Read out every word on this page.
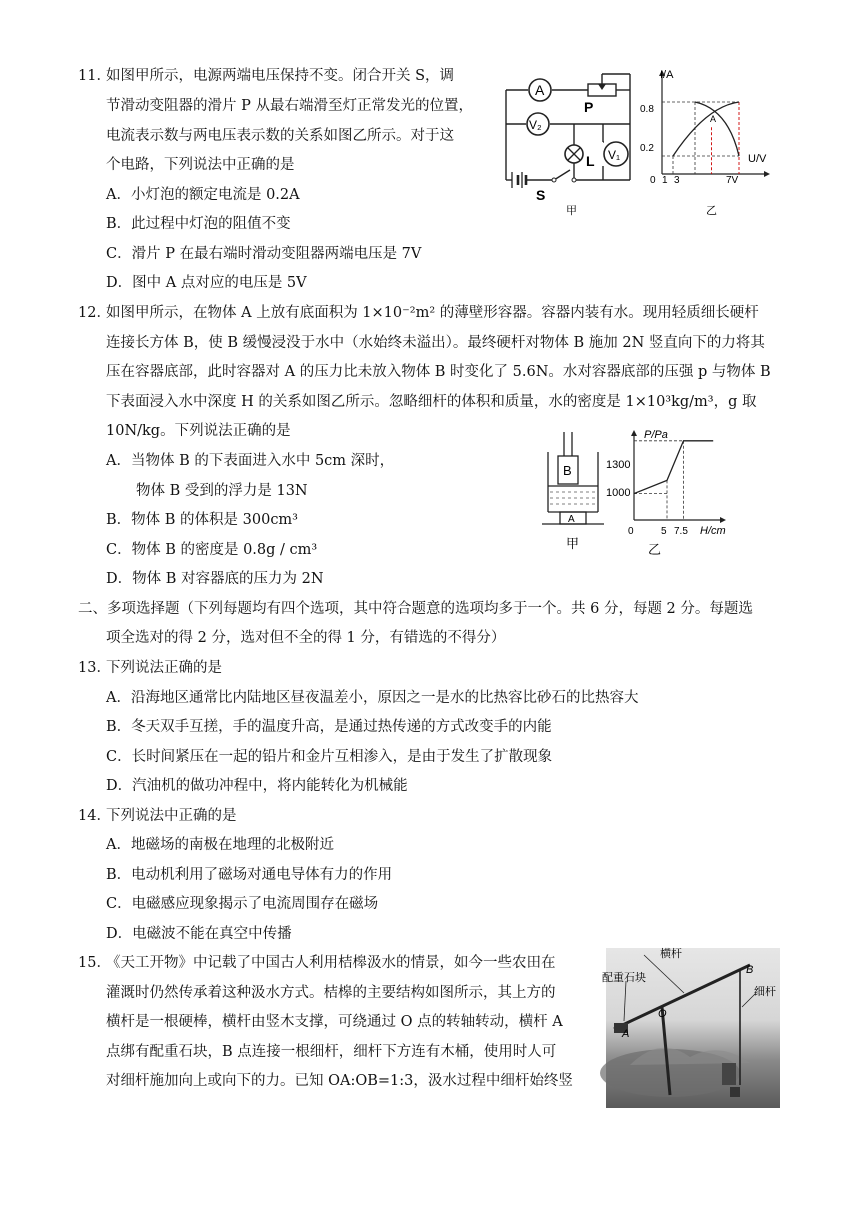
11．
如图甲所示，电源两端电压保持不变。闭合开关 S，调
节滑动变阻器的滑片 P 从最右端滑至灯正常发光的位置，
电流表示数与两电压表示数的关系如图乙所示。对于这
个电路，下列说法中正确的是
A．小灯泡的额定电流是 0.2A
B．此过程中灯泡的阻值不变
C．滑片 P 在最右端时滑动变阻器两端电压是 7V
D．图中 A 点对应的电压是 5V
A
V₂
V₁
P
L
S
甲
I/A
U/V
0.8
0.2
0 1 3	7V
A
乙
12．
如图甲所示，在物体 A 上放有底面积为 1×10⁻²m² 的薄壁形容器。容器内装有水。现用轻质细长硬杆
连接长方体 B，使 B 缓慢浸没于水中（水始终未溢出）。最终硬杆对物体 B 施加 2N 竖直向下的力将其
压在容器底部，此时容器对 A 的压力比未放入物体 B 时变化了 5.6N。水对容器底部的压强 p 与物体 B
下表面浸入水中深度 H 的关系如图乙所示。忽略细杆的体积和质量，水的密度是 1×10³kg/m³，g 取
10N/kg。下列说法正确的是
A．当物体 B 的下表面进入水中 5cm 深时，
物体 B 受到的浮力是 13N
B．物体 B 的体积是 300cm³
C．物体 B 的密度是 0.8g / cm³
D．物体 B 对容器底的压力为 2N
B
A
甲
P/Pa
H/cm
1300
1000
0	5 7.5
乙
二、多项选择题（下列每题均有四个选项，其中符合题意的选项均多于一个。共 6 分，每题 2 分。每题选
项全选对的得 2 分，选对但不全的得 1 分，有错选的不得分）
13．
下列说法正确的是
A．沿海地区通常比内陆地区昼夜温差小，原因之一是水的比热容比砂石的比热容大
B．冬天双手互搓，手的温度升高，是通过热传递的方式改变手的内能
C．长时间紧压在一起的铅片和金片互相渗入，是由于发生了扩散现象
D．汽油机的做功冲程中，将内能转化为机械能
14．
下列说法中正确的是
A．地磁场的南极在地理的北极附近
B．电动机利用了磁场对通电导体有力的作用
C．电磁感应现象揭示了电流周围存在磁场
D．电磁波不能在真空中传播
15．
《天工开物》中记载了中国古人利用桔槔汲水的情景，如今一些农田在
灌溉时仍然传承着这种汲水方式。桔槔的主要结构如图所示，其上方的
横杆是一根硬棒，横杆由竖木支撑，可绕通过 O 点的转轴转动，横杆 A
点绑有配重石块，B 点连接一根细杆，细杆下方连有木桶，使用时人可
对细杆施加向上或向下的力。已知 OA:OB=1:3，汲水过程中细杆始终竖
横杆
配重石块
细杆
A
O
B
